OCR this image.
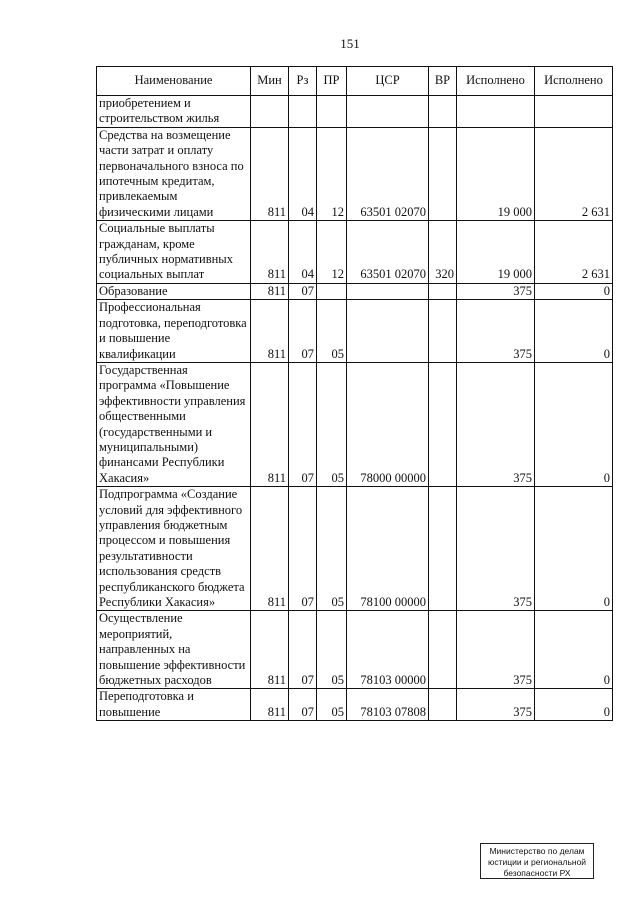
151
Наименование	Мин	Рз	ПР	ЦСР	ВР	Исполнено	Исполнено
приобретением и строительством жилья							
Средства на возмещение части затрат и оплату первоначального взноса по ипотечным кредитам, привлекаемым физическими лицами	811	04	12	63501 02070		19 000	2 631
Социальные выплаты гражданам, кроме публичных нормативных социальных выплат	811	04	12	63501 02070	320	19 000	2 631
Образование	811	07				375	0
Профессиональная подготовка, переподготовка и повышение квалификации	811	07	05			375	0
Государственная программа «Повышение эффективности управления общественными (государственными и муниципальными) финансами Республики Хакасия»	811	07	05	78000 00000		375	0
Подпрограмма «Создание условий для эффективного управления бюджетным процессом и повышения результативности использования средств республиканского бюджета Республики Хакасия»	811	07	05	78100 00000		375	0
Осуществление мероприятий, направленных на повышение эффективности бюджетных расходов	811	07	05	78103 00000		375	0
Переподготовка и повышение	811	07	05	78103 07808		375	0
Министерство по делам
юстиции и региональной
безопасности РХ
